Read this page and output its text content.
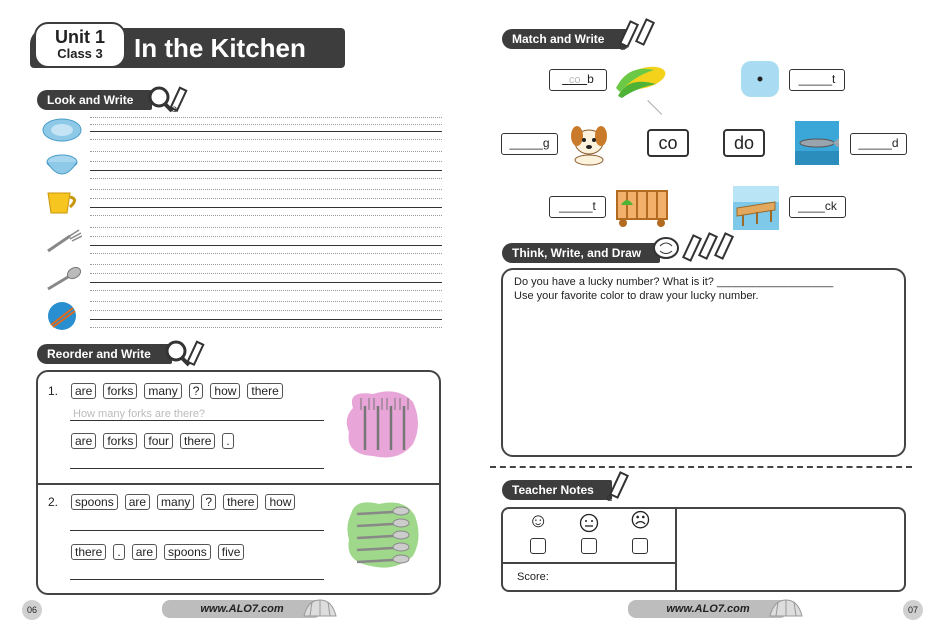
Unit 1
Class 3	In the Kitchen
Look and Write
e
Reorder and Write
1.	are forks many ? how there
How many forks are there?
are forks four there .
2.	spoons are many ? there how
there . are spoons five
06	www.ALO7.com
Match and Write
e
co b	_____t
_____g	co	do	_____d
_____t	____ck
Think, Write, and Draw
Do you have a lucky number? What is it? ___________________
Use your favorite color to draw your lucky number.
Teacher Notes
e
☺	☹
Score:
www.ALO7.com	07
